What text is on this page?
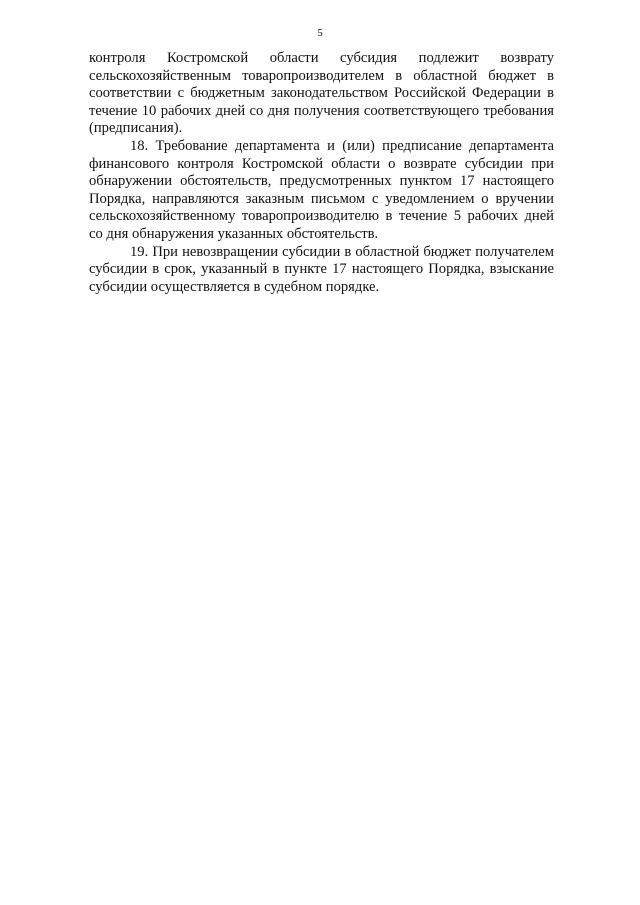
5

контроля Костромской области субсидия подлежит возврату сельскохозяйственным товаропроизводителем в областной бюджет в соответствии с бюджетным законодательством Российской Федерации в течение 10 рабочих дней со дня получения соответствующего требования (предписания).

18. Требование департамента и (или) предписание департамента финансового контроля Костромской области о возврате субсидии при обнаружении обстоятельств, предусмотренных пунктом 17 настоящего Порядка, направляются заказным письмом с уведомлением о вручении сельскохозяйственному товаропроизводителю в течение 5 рабочих дней со дня обнаружения указанных обстоятельств.

19. При невозвращении субсидии в областной бюджет получателем субсидии в срок, указанный в пункте 17 настоящего Порядка, взыскание субсидии осуществляется в судебном порядке.
